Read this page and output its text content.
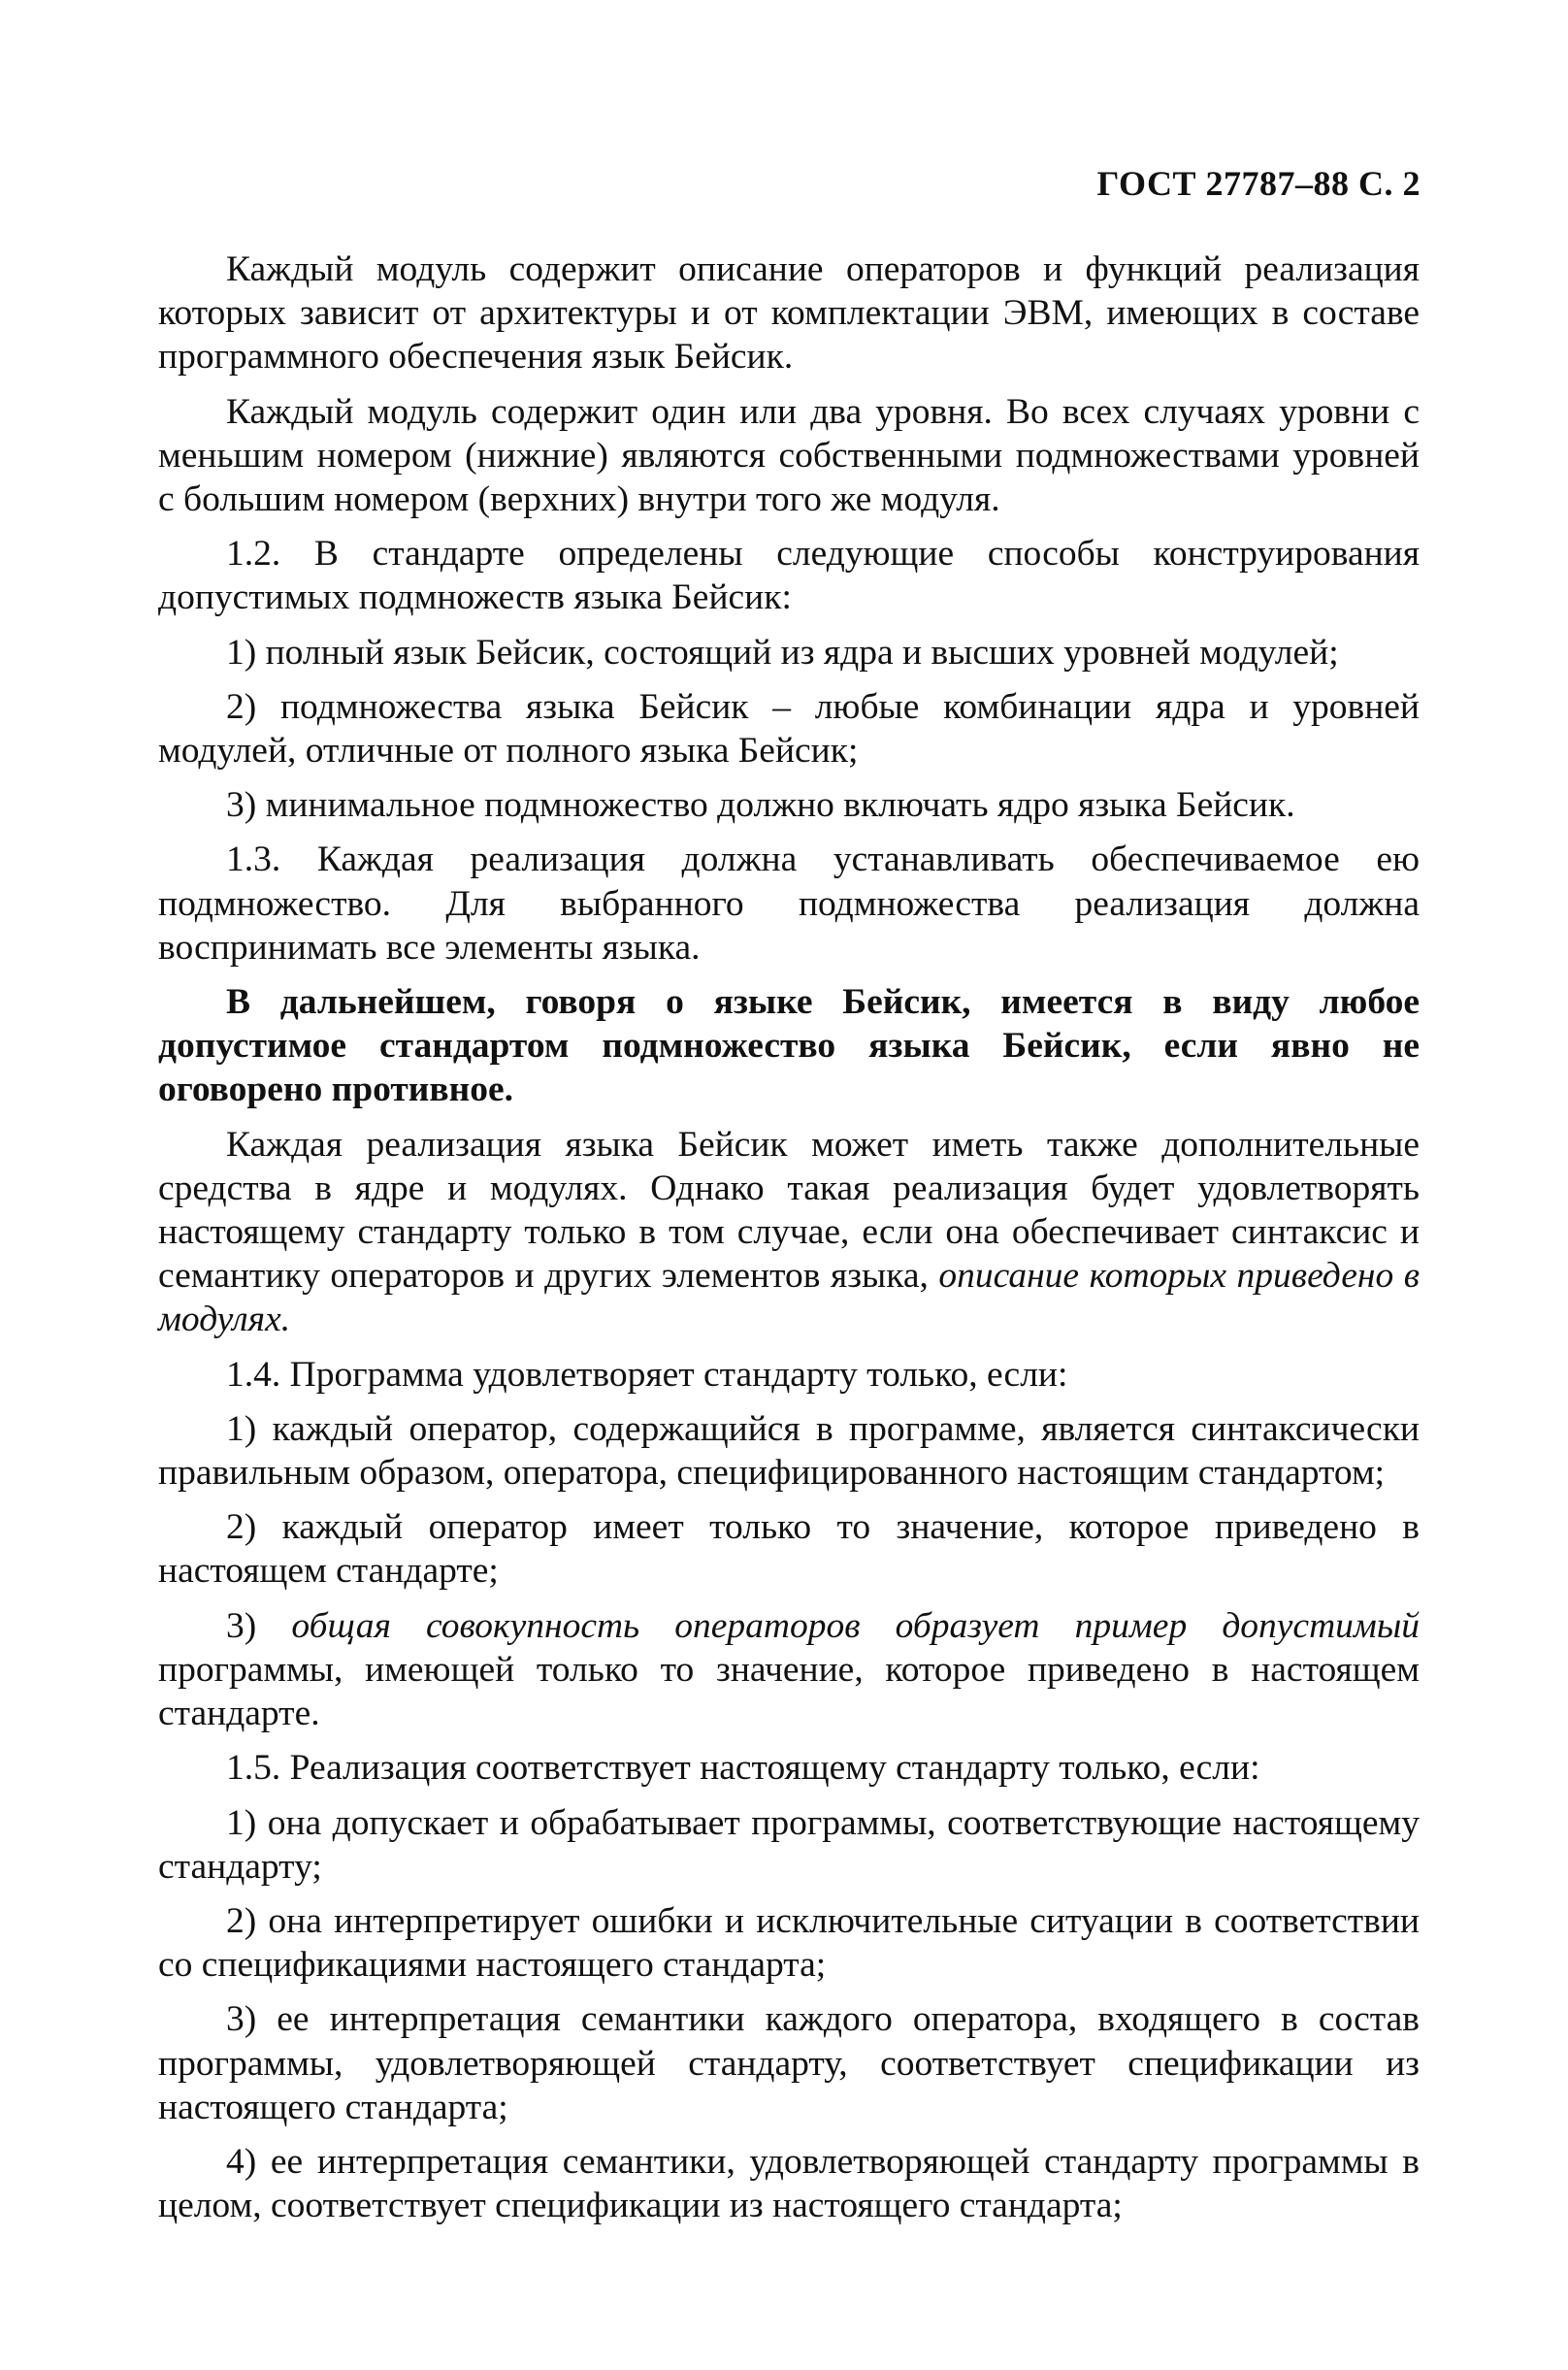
ГОСТ 27787–88 С. 2

Каждый модуль содержит описание операторов и функций реализация которых зависит от архитектуры и от комплектации ЭВМ, имеющих в составе программного обеспечения язык Бейсик.

Каждый модуль содержит один или два уровня. Во всех случаях уровни с меньшим номером (нижние) являются собственными подмножествами уровней с большим номером (верхних) внутри того же модуля.

1.2. В стандарте определены следующие способы конструирования допустимых подмножеств языка Бейсик:

1) полный язык Бейсик, состоящий из ядра и высших уровней модулей;

2) подмножества языка Бейсик – любые комбинации ядра и уровней модулей, отличные от полного языка Бейсик;

3) минимальное подмножество должно включать ядро языка Бейсик.

1.3. Каждая реализация должна устанавливать обеспечиваемое ею подмножество. Для выбранного подмножества реализация должна воспринимать все элементы языка.

В дальнейшем, говоря о языке Бейсик, имеется в виду любое допустимое стандартом подмножество языка Бейсик, если явно не оговорено противное.

Каждая реализация языка Бейсик может иметь также дополнительные средства в ядре и модулях. Однако такая реализация будет удовлетворять настоящему стандарту только в том случае, если она обеспечивает синтаксис и семантику операторов и других элементов языка, описание которых приведено в модулях.

1.4. Программа удовлетворяет стандарту только, если:

1) каждый оператор, содержащийся в программе, является синтаксически правильным образом, оператора, специфицированного настоящим стандартом;

2) каждый оператор имеет только то значение, которое приведено в настоящем стандарте;

3) общая совокупность операторов образует пример допустимый программы, имеющей только то значение, которое приведено в настоящем стандарте.

1.5. Реализация соответствует настоящему стандарту только, если:

1) она допускает и обрабатывает программы, соответствующие настоящему стандарту;

2) она интерпретирует ошибки и исключительные ситуации в соответствии со спецификациями настоящего стандарта;

3) ее интерпретация семантики каждого оператора, входящего в состав программы, удовлетворяющей стандарту, соответствует спецификации из настоящего стандарта;

4) ее интерпретация семантики, удовлетворяющей стандарту программы в целом, соответствует спецификации из настоящего стандарта;
